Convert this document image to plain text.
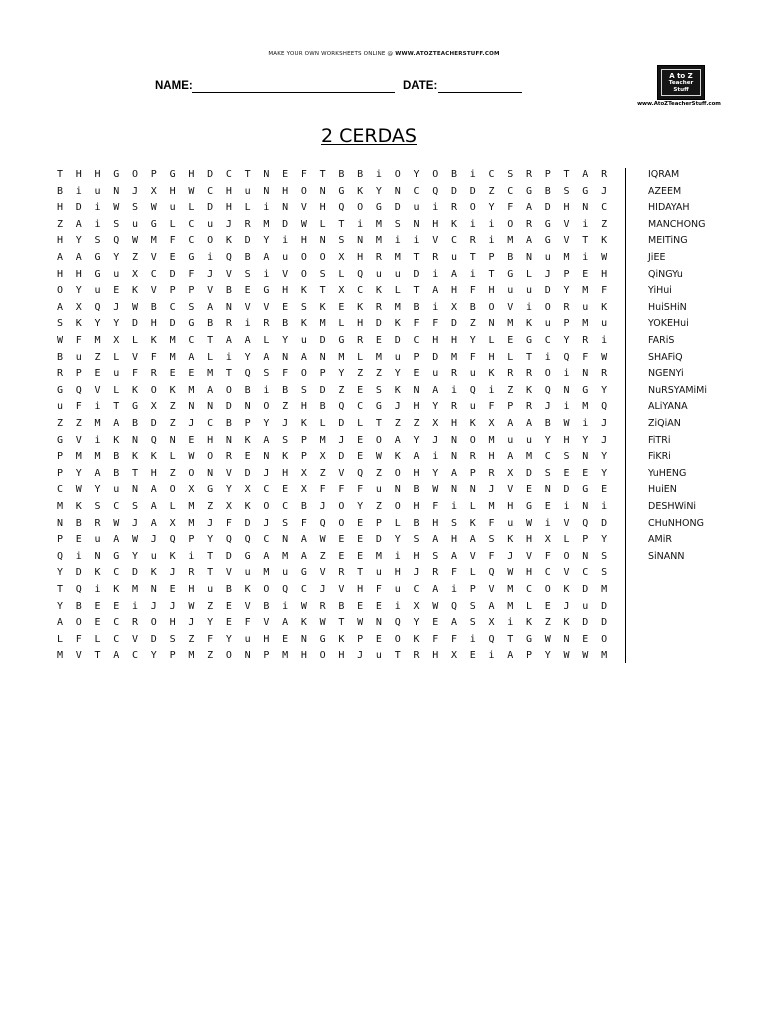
MAKE YOUR OWN WORKSHEETS ONLINE @ WWW.ATOZTEACHERSTUFF.COM
NAME:	DATE:
A to Z
Teacher
Stuff
www.AtoZTeacherStuff.com
2 CERDAS
T H H G O P G H D C T N E F T B B i O Y O B i C S R P T A R
B i u N J X H W C H u N H O N G K Y N C Q D D Z C G B S G J
H D i W S W u L D H L i N V H Q O G D u i R O Y F A D H N C
Z A i S u G L C u J R M D W L T i M S N H K i i O R G V i Z
H Y S Q W M F C O K D Y i H N S N M i i V C R i M A G V T K
A A G Y Z V E G i Q B A u O O X H R M T R u T P B N u M i W
H H G u X C D F J V S i V O S L Q u u D i A i T G L J P E H
O Y u E K V P P V B E G H K T X C K L T A H F H u u D Y M F
A X Q J W B C S A N V V E S K E K R M B i X B O V i O R u K
S K Y Y D H D G B R i R B K M L H D K F F D Z N M K u P M u
W F M X L K M C T A A L Y u D G R E D C H H Y L E G C Y R i
B u Z L V F M A L i Y A N A N M L M u P D M F H L T i Q F W
R P E u F R E E M T Q S F O P Y Z Z Y E u R u K R R O i N R
G Q V L K O K M A O B i B S D Z E S K N A i Q i Z K Q N G Y
u F i T G X Z N N D N O Z H B Q C G J H Y R u F P R J i M Q
Z Z M A B D Z J C B P Y J K L D L T Z Z X H K X A A B W i J
G V i K N Q N E H N K A S P M J E O A Y J N O M u u Y H Y J
P M M B K K L W O R E N K P X D E W K A i N R H A M C S N Y
P Y A B T H Z O N V D J H X Z V Q Z O H Y A P R X D S E E Y
C W Y u N A O X G Y X C E X F F F u N B W N N J V E N D G E
M K S C S A L M Z X K O C B J O Y Z O H F i L M H G E i N i
N B R W J A X M J F D J S F Q O E P L B H S K F u W i V Q D
P E u A W J Q P Y Q Q C N A W E E D Y S A H A S K H X L P Y
Q i N G Y u K i T D G A M A Z E E M i H S A V F J V F O N S
Y D K C D K J R T V u M u G V R T u H J R F L Q W H C V C S
T Q i K M N E H u B K O Q C J V H F u C A i P V M C O K D M
Y B E E i J J W Z E V B i W R B E E i X W Q S A M L E J u D
A O E C R O H J Y E F V A K W T W N Q Y E A S X i K Z K D D
L F L C V D S Z F Y u H E N G K P E O K F F i Q T G W N E O
M V T A C Y P M Z O N P M H O H J u T R H X E i A P Y W W M
IQRAM
AZEEM
HIDAYAH
MANCHONG
MEITiNG
JiEE
QiNGYu
YiHui
HuiSHiN
YOKEHui
FARiS
SHAFiQ
NGENYi
NuRSYAMiMi
ALiYANA
ZiQiAN
FiTRi
FiKRi
YuHENG
HuiEN
DESHWiNi
CHuNHONG
AMiR
SiNANN
